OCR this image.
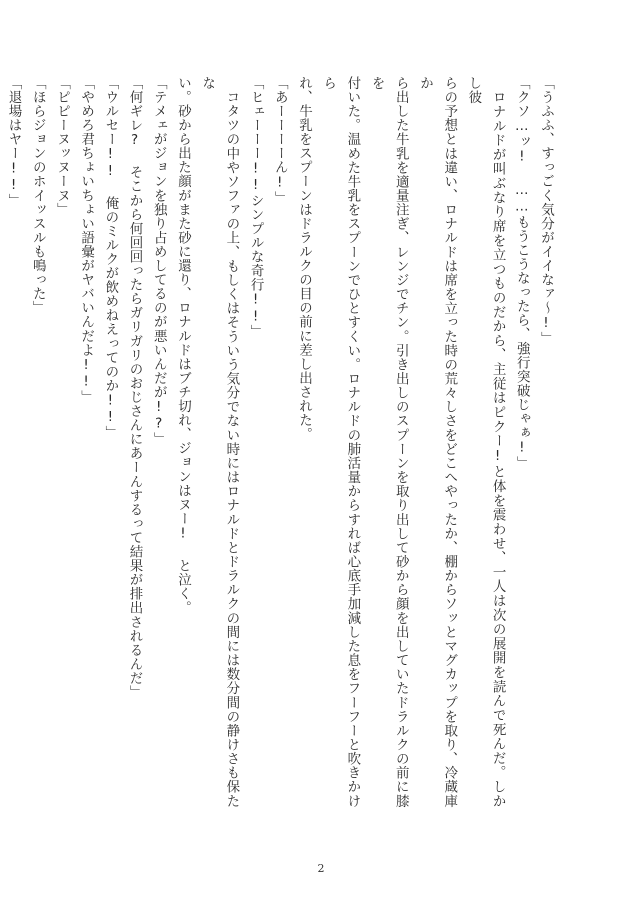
「うふふ、すっごく気分がイイなァ〜!」

「クソ…ッ! ……もうこうなったら、強行突破じゃぁ!」

　ロナルドが叫ぶなり席を立つものだから、主従はピクー!と体を震わせ、一人は次の展開を読んで死んだ。しかし彼

らの予想とは違い、ロナルドは席を立った時の荒々しさをどこへやったか、棚からソッとマグカップを取り、冷蔵庫か

ら出した牛乳を適量注ぎ、レンジでチン。引き出しのスプーンを取り出して砂から顔を出していたドラルクの前に膝を

付いた。温めた牛乳をスプーンでひとすくい。ロナルドの肺活量からすれば心底手加減した息をフーフーと吹きかけら

れ、牛乳をスプーンはドラルクの目の前に差し出された。

「あーーーーん!」

「ヒェーーー!!シンプルな奇行!!」

　コタツの中やソファの上、もしくはそういう気分でない時にはロナルドとドラルクの間には数分間の静けさも保たな

い。砂から出た顔がまた砂に還り、ロナルドはブチ切れ、ジョンはヌー! と泣く。

「テメェがジョンを独り占めしてるのが悪いんだが!?」

「何ギレ? そこから何回回ったらガリガリのおじさんにあーんするって結果が排出されるんだ」

「ウルセー!! 俺のミルクが飲めねえってのか!!」

「やめろ君ちょいちょい語彙がヤバいんだよ!!」

「ピピーヌッヌーヌ」

「ほらジョンのホイッスルも鳴った」

「退場はヤー!!」

2
